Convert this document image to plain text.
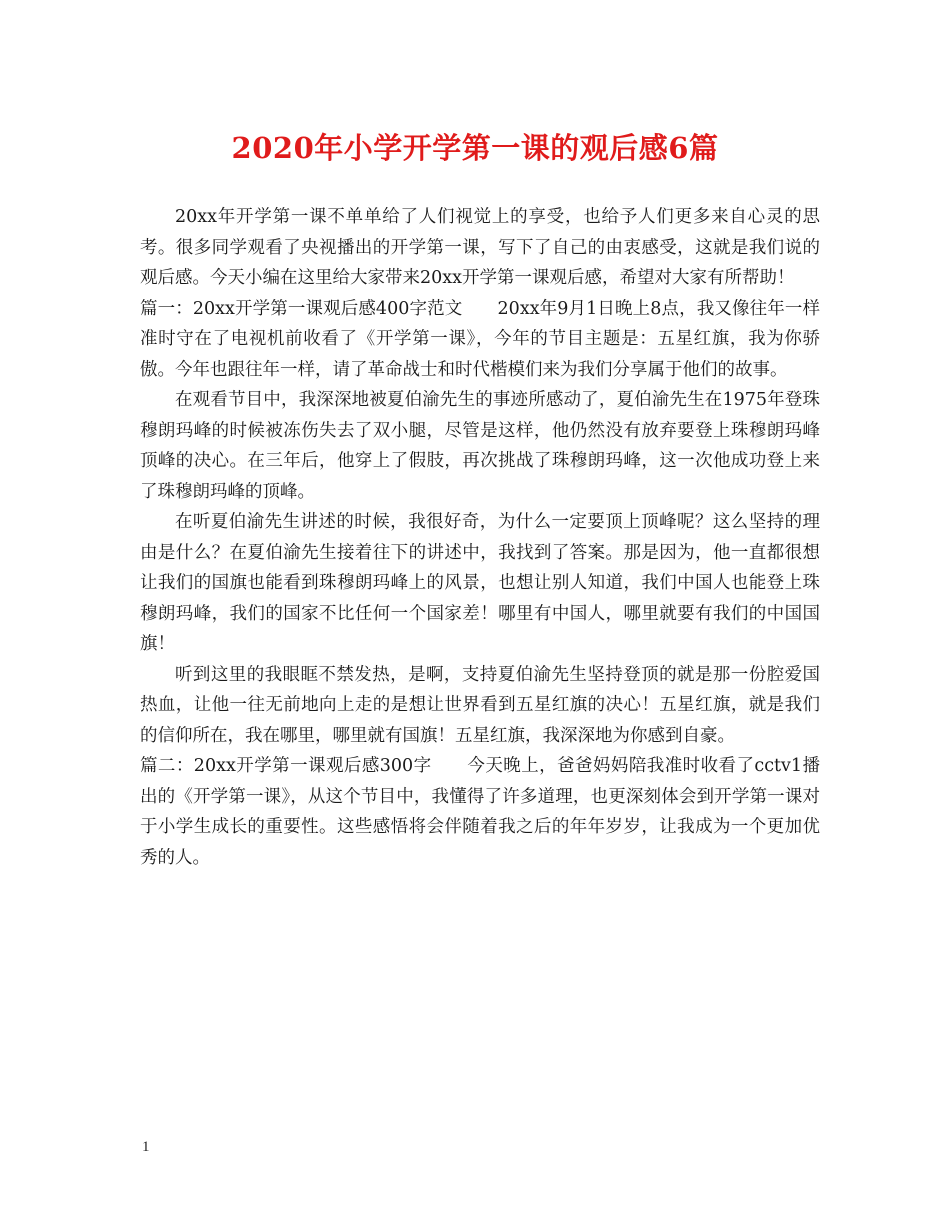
2020年小学开学第一课的观后感6篇

20xx年开学第一课不单单给了人们视觉上的享受，也给予人们更多来自心灵的思考。很多同学观看了央视播出的开学第一课，写下了自己的由衷感受，这就是我们说的观后感。今天小编在这里给大家带来20xx开学第一课观后感，希望对大家有所帮助！

篇一：20xx开学第一课观后感400字范文　　20xx年9月1日晚上8点，我又像往年一样准时守在了电视机前收看了《开学第一课》，今年的节目主题是：五星红旗，我为你骄傲。今年也跟往年一样，请了革命战士和时代楷模们来为我们分享属于他们的故事。

在观看节目中，我深深地被夏伯渝先生的事迹所感动了，夏伯渝先生在1975年登珠穆朗玛峰的时候被冻伤失去了双小腿，尽管是这样，他仍然没有放弃要登上珠穆朗玛峰顶峰的决心。在三年后，他穿上了假肢，再次挑战了珠穆朗玛峰，这一次他成功登上来了珠穆朗玛峰的顶峰。

在听夏伯渝先生讲述的时候，我很好奇，为什么一定要顶上顶峰呢？这么坚持的理由是什么？在夏伯渝先生接着往下的讲述中，我找到了答案。那是因为，他一直都很想让我们的国旗也能看到珠穆朗玛峰上的风景，也想让别人知道，我们中国人也能登上珠穆朗玛峰，我们的国家不比任何一个国家差！哪里有中国人，哪里就要有我们的中国国旗！

听到这里的我眼眶不禁发热，是啊，支持夏伯渝先生坚持登顶的就是那一份腔爱国热血，让他一往无前地向上走的是想让世界看到五星红旗的决心！五星红旗，就是我们的信仰所在，我在哪里，哪里就有国旗！五星红旗，我深深地为你感到自豪。

篇二：20xx开学第一课观后感300字　　今天晚上，爸爸妈妈陪我准时收看了cctv1播出的《开学第一课》，从这个节目中，我懂得了许多道理，也更深刻体会到开学第一课对于小学生成长的重要性。这些感悟将会伴随着我之后的年年岁岁，让我成为一个更加优秀的人。

1
